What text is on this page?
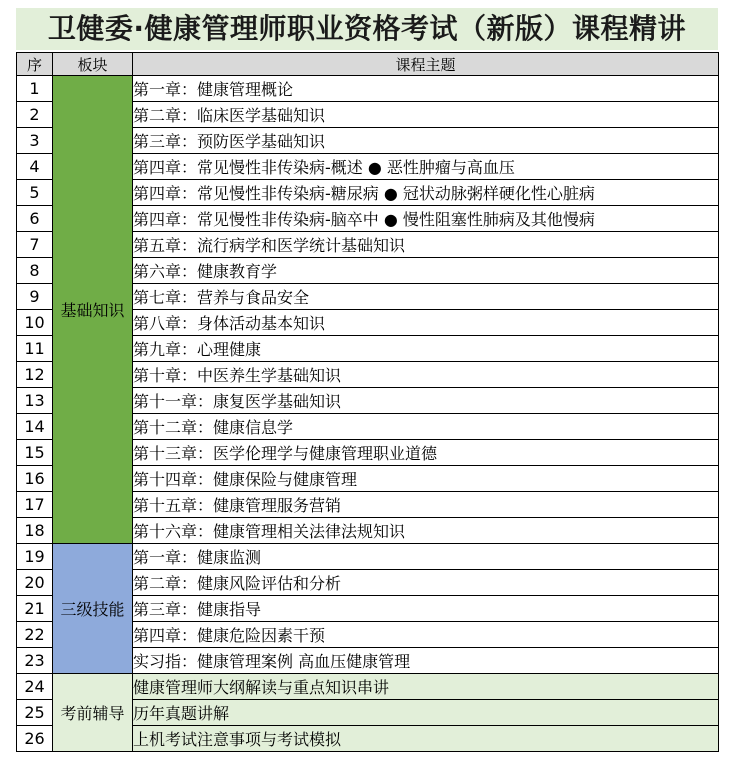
卫健委·健康管理师职业资格考试（新版）课程精讲
序	板块	课程主题
1	基础知识	第一章：健康管理概论
2		第二章：临床医学基础知识
3		第三章：预防医学基础知识
4		第四章：常见慢性非传染病-概述 ● 恶性肿瘤与高血压
5		第四章：常见慢性非传染病-糖尿病 ● 冠状动脉粥样硬化性心脏病
6		第四章：常见慢性非传染病-脑卒中 ● 慢性阻塞性肺病及其他慢病
7		第五章：流行病学和医学统计基础知识
8		第六章：健康教育学
9		第七章：营养与食品安全
10		第八章：身体活动基本知识
11		第九章：心理健康
12		第十章：中医养生学基础知识
13		第十一章：康复医学基础知识
14		第十二章：健康信息学
15		第十三章：医学伦理学与健康管理职业道德
16		第十四章：健康保险与健康管理
17		第十五章：健康管理服务营销
18		第十六章：健康管理相关法律法规知识
19	三级技能	第一章：健康监测
20		第二章：健康风险评估和分析
21		第三章：健康指导
22		第四章：健康危险因素干预
23		实习指：健康管理案例 高血压健康管理
24	考前辅导	健康管理师大纲解读与重点知识串讲
25		历年真题讲解
26		上机考试注意事项与考试模拟
